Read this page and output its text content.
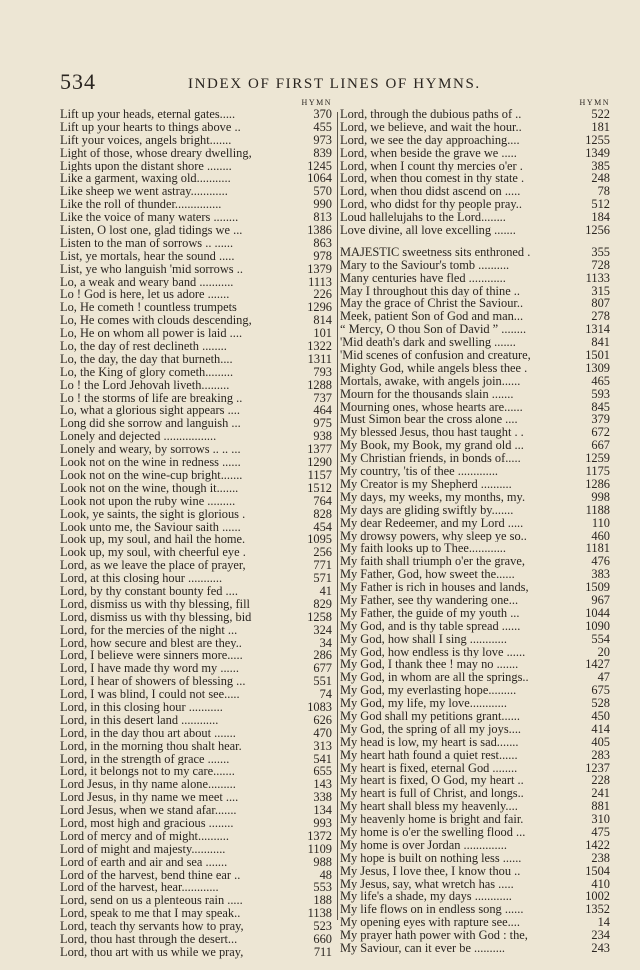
534	INDEX OF FIRST LINES OF HYMNS.
HYMN
Lift up your heads, eternal gates.....	370
Lift up your hearts to things above ..	455
Lift your voices, angels bright.......	973
Light of those, whose dreary dwelling,	839
Lights upon the distant shore ........	1245
Like a garment, waxing old...........	1064
Like sheep we went astray............	570
Like the roll of thunder...............	990
Like the voice of many waters ........	813
Listen, O lost one, glad tidings we ...	1386
Listen to the man of sorrows .. ......	863
List, ye mortals, hear the sound .....	978
List, ye who languish 'mid sorrows ..	1379
Lo, a weak and weary band ...........	1113
Lo ! God is here, let us adore .......	226
Lo, He cometh ! countless trumpets	1296
Lo, He comes with clouds descending,	814
Lo, He on whom all power is laid ....	101
Lo, the day of rest declineth ........	1322
Lo, the day, the day that burneth....	1311
Lo, the King of glory cometh.........	793
Lo ! the Lord Jehovah liveth.........	1288
Lo ! the storms of life are breaking ..	737
Lo, what a glorious sight appears ....	464
Long did she sorrow and languish ...	975
Lonely and dejected .................	938
Lonely and weary, by sorrows .. .. ...	1377
Look not on the wine in redness ......	1290
Look not on the wine-cup bright.......	1157
Look not on the wine, though it.......	1512
Look not upon the ruby wine .........	764
Look, ye saints, the sight is glorious .	828
Look unto me, the Saviour saith ......	454
Look up, my soul, and hail the home.	1095
Look up, my soul, with cheerful eye .	256
Lord, as we leave the place of prayer,	771
Lord, at this closing hour ...........	571
Lord, by thy constant bounty fed ....	41
Lord, dismiss us with thy blessing, fill	829
Lord, dismiss us with thy blessing, bid	1258
Lord, for the mercies of the night ...	324
Lord, how secure and blest are they..	34
Lord, I believe were sinners more.....	286
Lord, I have made thy word my ......	677
Lord, I hear of showers of blessing ...	551
Lord, I was blind, I could not see.....	74
Lord, in this closing hour ...........	1083
Lord, in this desert land ............	626
Lord, in the day thou art about .......	470
Lord, in the morning thou shalt hear.	313
Lord, in the strength of grace .......	541
Lord, it belongs not to my care.......	655
Lord Jesus, in thy name alone.........	143
Lord Jesus, in thy name we meet ....	338
Lord Jesus, when we stand afar.......	134
Lord, most high and gracious ........	993
Lord of mercy and of might..........	1372
Lord of might and majesty...........	1109
Lord of earth and air and sea .......	988
Lord of the harvest, bend thine ear ..	48
Lord of the harvest, hear............	553
Lord, send on us a plenteous rain .....	188
Lord, speak to me that I may speak..	1138
Lord, teach thy servants how to pray,	523
Lord, thou hast through the desert...	660
Lord, thou art with us while we pray,	711
HYMN
Lord, through the dubious paths of ..	522
Lord, we believe, and wait the hour..	181
Lord, we see the day approaching....	1255
Lord, when beside the grave we .....	1349
Lord, when I count thy mercies o'er .	385
Lord, when thou comest in thy state .	248
Lord, when thou didst ascend on .....	78
Lord, who didst for thy people pray..	512
Loud hallelujahs to the Lord........	184
Love divine, all love excelling .......	1256
MAJESTIC sweetness sits enthroned .	355
Mary to the Saviour's tomb ..........	728
Many centuries have fled ............	1133
May I throughout this day of thine ..	315
May the grace of Christ the Saviour..	807
Meek, patient Son of God and man...	278
“ Mercy, O thou Son of David ” ........	1314
'Mid death's dark and swelling .......	841
'Mid scenes of confusion and creature,	1501
Mighty God, while angels bless thee .	1309
Mortals, awake, with angels join......	465
Mourn for the thousands slain .......	593
Mourning ones, whose hearts are......	845
Must Simon bear the cross alone ....	379
My blessed Jesus, thou hast taught . .	672
My Book, my Book, my grand old ...	667
My Christian friends, in bonds of.....	1259
My country, 'tis of thee .............	1175
My Creator is my Shepherd ..........	1286
My days, my weeks, my months, my.	998
My days are gliding swiftly by.......	1188
My dear Redeemer, and my Lord .....	110
My drowsy powers, why sleep ye so..	460
My faith looks up to Thee............	1181
My faith shall triumph o'er the grave,	476
My Father, God, how sweet the......	383
My Father is rich in houses and lands,	1509
My Father, see thy wandering one...	967
My Father, the guide of my youth ...	1044
My God, and is thy table spread ......	1090
My God, how shall I sing ............	554
My God, how endless is thy love ......	20
My God, I thank thee ! may no .......	1427
My God, in whom are all the springs..	47
My God, my everlasting hope.........	675
My God, my life, my love............	528
My God shall my petitions grant......	450
My God, the spring of all my joys....	414
My head is low, my heart is sad.......	405
My heart hath found a quiet rest......	283
My heart is fixed, eternal God ........	1237
My heart is fixed, O God, my heart ..	228
My heart is full of Christ, and longs..	241
My heart shall bless my heavenly....	881
My heavenly home is bright and fair.	310
My home is o'er the swelling flood ...	475
My home is over Jordan ..............	1422
My hope is built on nothing less ......	238
My Jesus, I love thee, I know thou ..	1504
My Jesus, say, what wretch has .....	410
My life's a shade, my days ............	1002
My life flows on in endless song ......	1352
My opening eyes with rapture see....	14
My prayer hath power with God : the,	234
My Saviour, can it ever be ..........	243
